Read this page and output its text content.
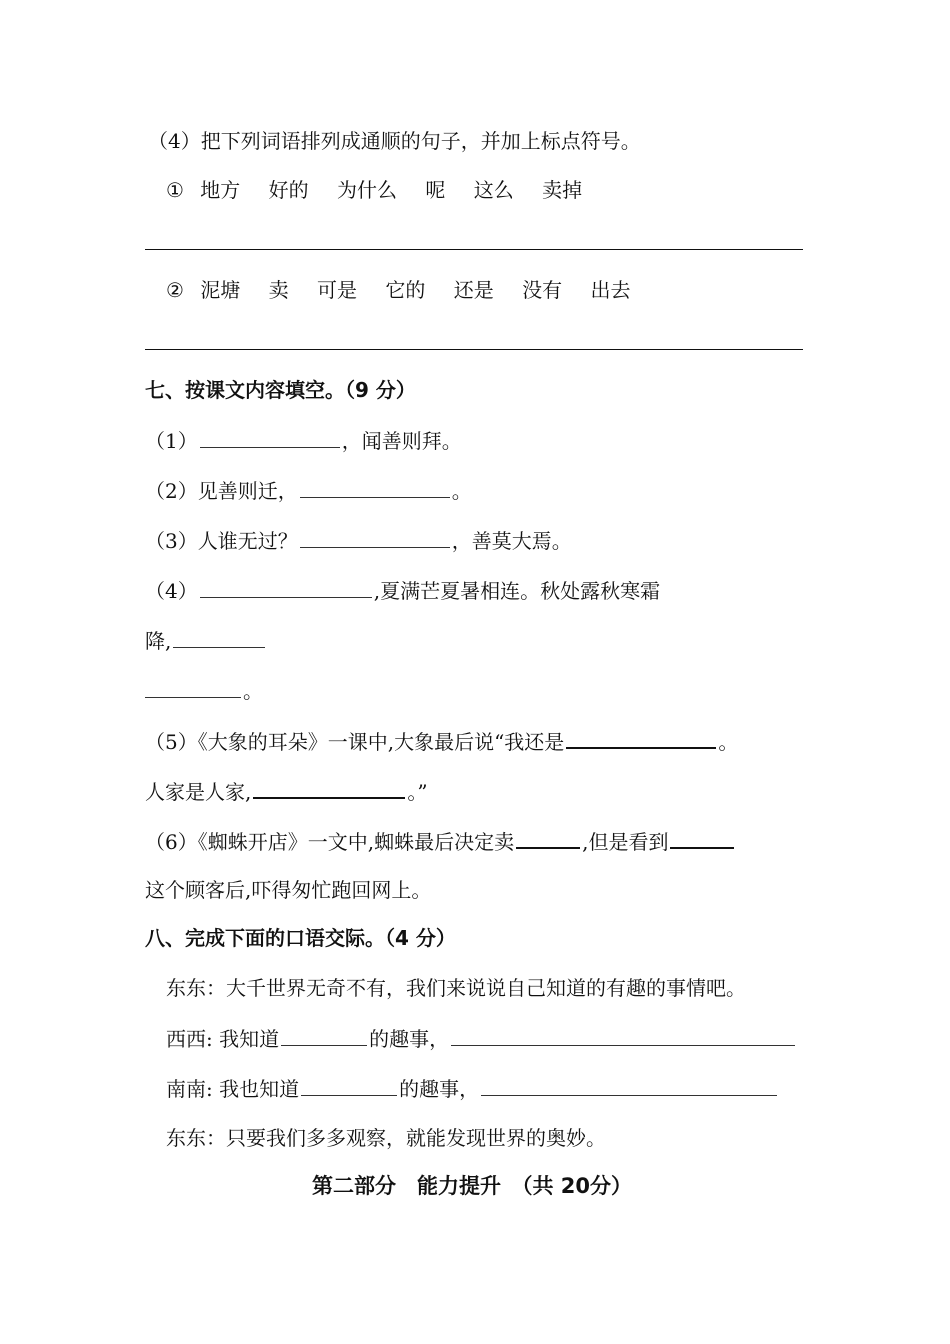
（4）把下列词语排列成通顺的句子，并加上标点符号。
① 地方 好的 为什么 呢 这么 卖掉
② 泥塘 卖 可是 它的 还是 没有 出去
七、按课文内容填空。（9 分）
（1）	，闻善则拜。
（2）见善则迁，	。
（3）人谁无过？	，善莫大焉。
（4）	,夏满芒夏暑相连。秋处露秋寒霜
降,
。
（5）《大象的耳朵》一课中,大象最后说“我还是	。
人家是人家,	。”
（6）《蜘蛛开店》一文中,蜘蛛最后决定卖	,但是看到
这个顾客后,吓得匆忙跑回网上。
八、完成下面的口语交际。（4 分）
东东：大千世界无奇不有，我们来说说自己知道的有趣的事情吧。
西西: 我知道	的趣事，
南南: 我也知道	的趣事，
东东：只要我们多多观察，就能发现世界的奥妙。
第二部分　能力提升　（共 20分）
